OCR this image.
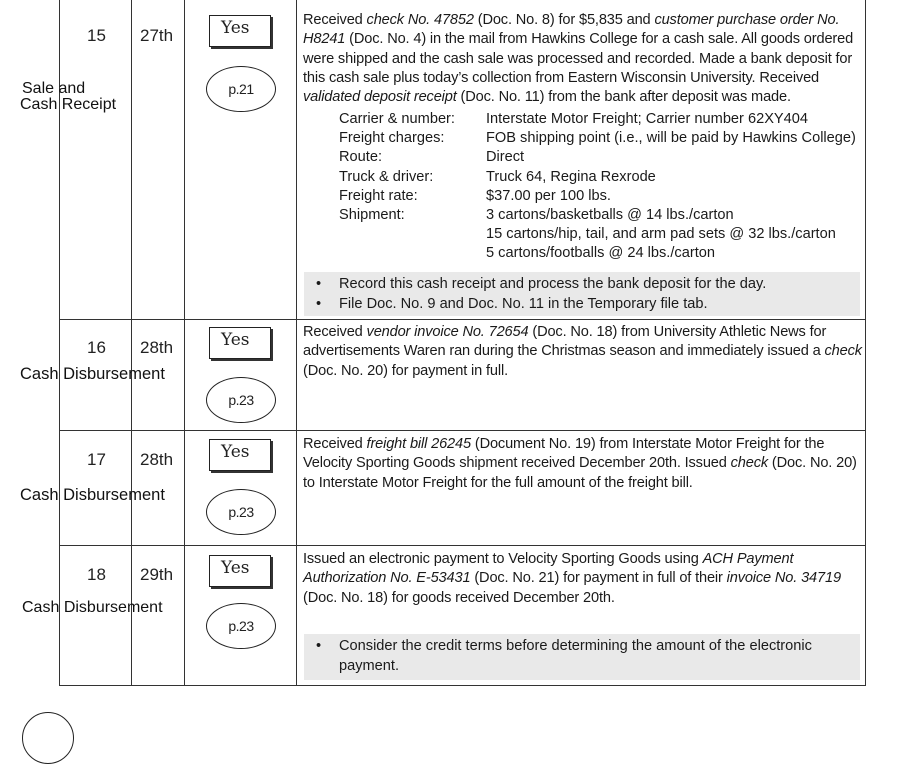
15 27th
Sale and
Cash Receipt
Yes
p.21
Received check No. 47852 (Doc. No. 8) for $5,835 and customer purchase order No. H8241 (Doc. No. 4) in the mail from Hawkins College for a cash sale. All goods ordered were shipped and the cash sale was processed and recorded. Made a bank deposit for this cash sale plus today’s collection from Eastern Wisconsin University. Received validated deposit receipt (Doc. No. 11) from the bank after deposit was made.
Carrier & number:
Freight charges:
Route:
Truck & driver:
Freight rate:
Shipment:
Interstate Motor Freight; Carrier number 62XY404
FOB shipping point (i.e., will be paid by Hawkins College)
Direct
Truck 64, Regina Rexrode
$37.00 per 100 lbs.
3 cartons/basketballs @ 14 lbs./carton
15 cartons/hip, tail, and arm pad sets @ 32 lbs./carton
5 cartons/footballs @ 24 lbs./carton
• Record this cash receipt and process the bank deposit for the day.
• File Doc. No. 9 and Doc. No. 11 in the Temporary file tab.
16 28th
Cash Disbursement
Yes
p.23
Received vendor invoice No. 72654 (Doc. No. 18) from University Athletic News for advertisements Waren ran during the Christmas season and immediately issued a check (Doc. No. 20) for payment in full.
17 28th
Cash Disbursement
Yes
p.23
Received freight bill 26245 (Document No. 19) from Interstate Motor Freight for the Velocity Sporting Goods shipment received December 20th. Issued check (Doc. No. 20) to Interstate Motor Freight for the full amount of the freight bill.
18 29th
Cash Disbursement
Yes
p.23
Issued an electronic payment to Velocity Sporting Goods using ACH Payment Authorization No. E-53431 (Doc. No. 21) for payment in full of their invoice No. 34719 (Doc. No. 18) for goods received December 20th.
• Consider the credit terms before determining the amount of the electronic payment.
